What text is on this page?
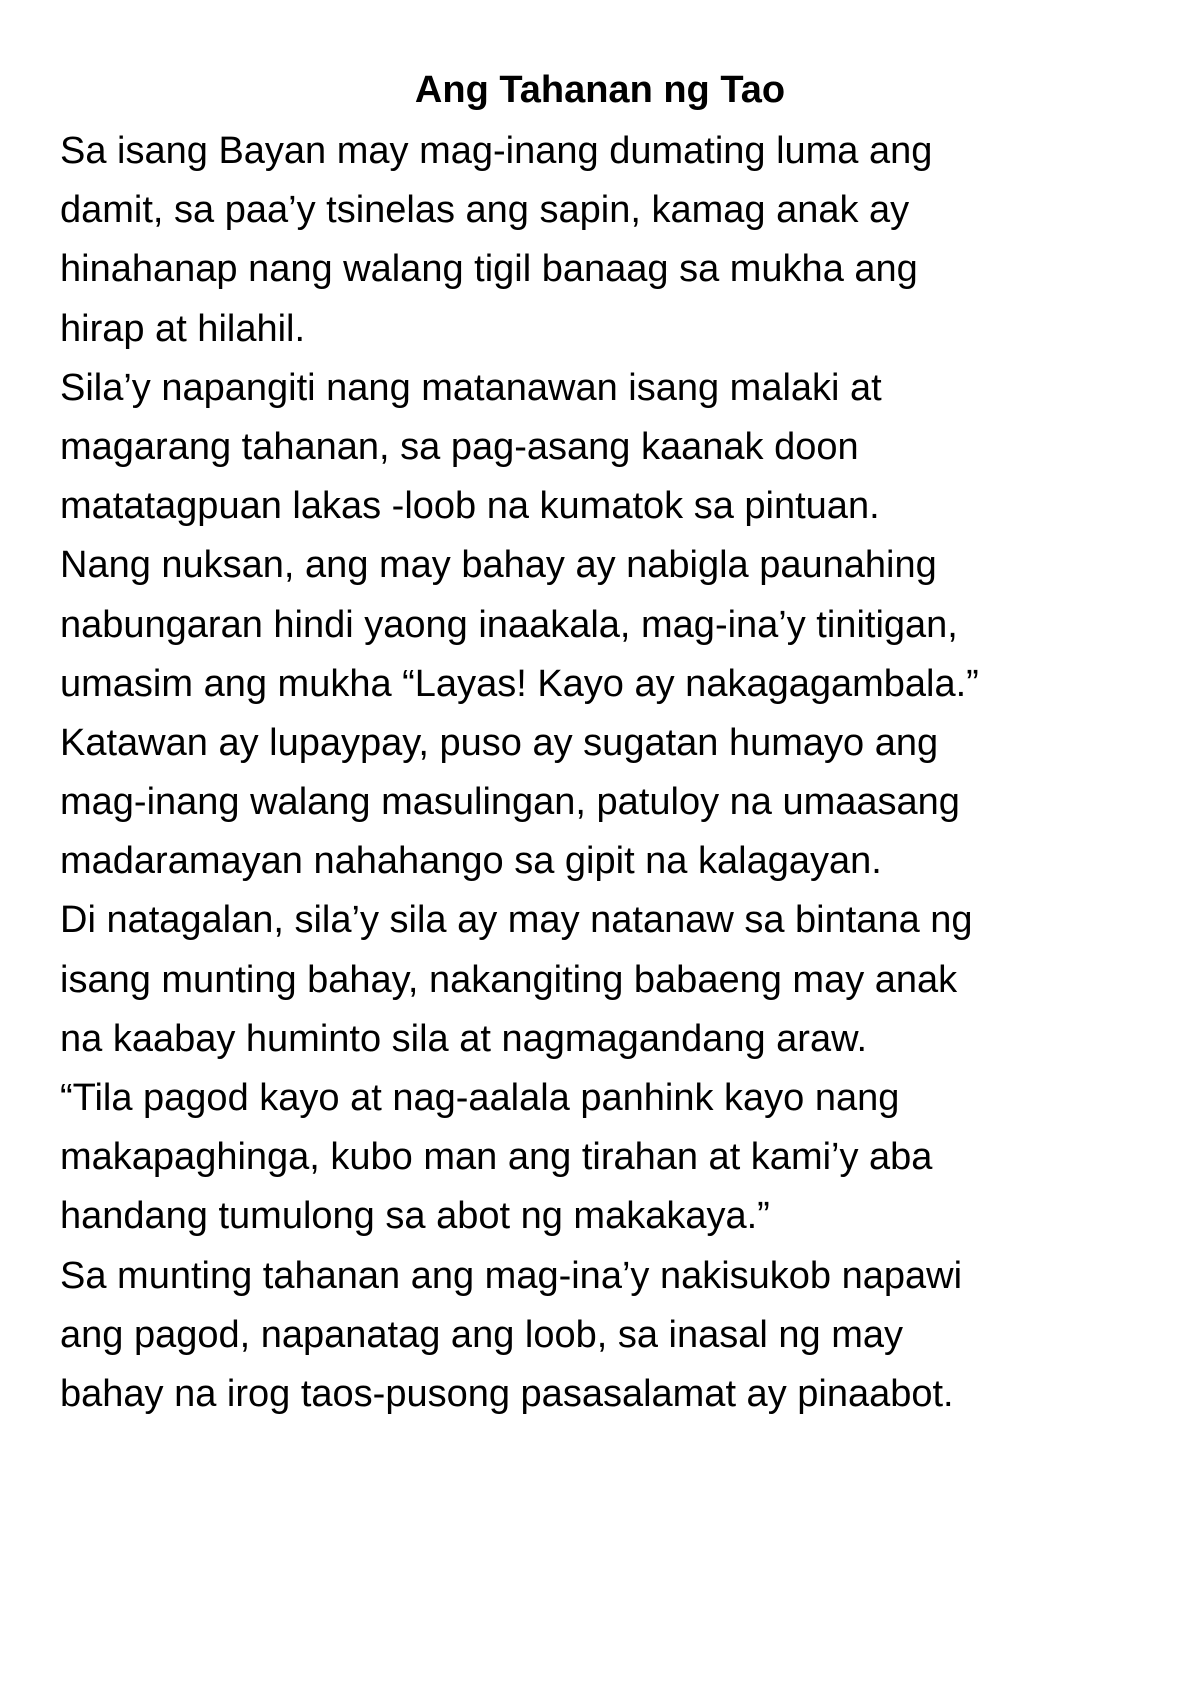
Ang Tahanan ng Tao
Sa isang Bayan may mag-inang dumating luma ang
damit, sa paa’y tsinelas ang sapin, kamag anak ay
hinahanap nang walang tigil banaag sa mukha ang
hirap at hilahil.
Sila’y napangiti nang matanawan isang malaki at
magarang tahanan, sa pag-asang kaanak doon
matatagpuan lakas -loob na kumatok sa pintuan.
Nang nuksan, ang may bahay ay nabigla paunahing
nabungaran hindi yaong inaakala, mag-ina’y tinitigan,
umasim ang mukha “Layas! Kayo ay nakagagambala.”
Katawan ay lupaypay, puso ay sugatan humayo ang
mag-inang walang masulingan, patuloy na umaasang
madaramayan nahahango sa gipit na kalagayan.
Di natagalan, sila’y sila ay may natanaw sa bintana ng
isang munting bahay, nakangiting babaeng may anak
na kaabay huminto sila at nagmagandang araw.
“Tila pagod kayo at nag-aalala panhink kayo nang
makapaghinga, kubo man ang tirahan at kami’y aba
handang tumulong sa abot ng makakaya.”
Sa munting tahanan ang mag-ina’y nakisukob napawi
ang pagod, napanatag ang loob, sa inasal ng may
bahay na irog taos-pusong pasasalamat ay pinaabot.
